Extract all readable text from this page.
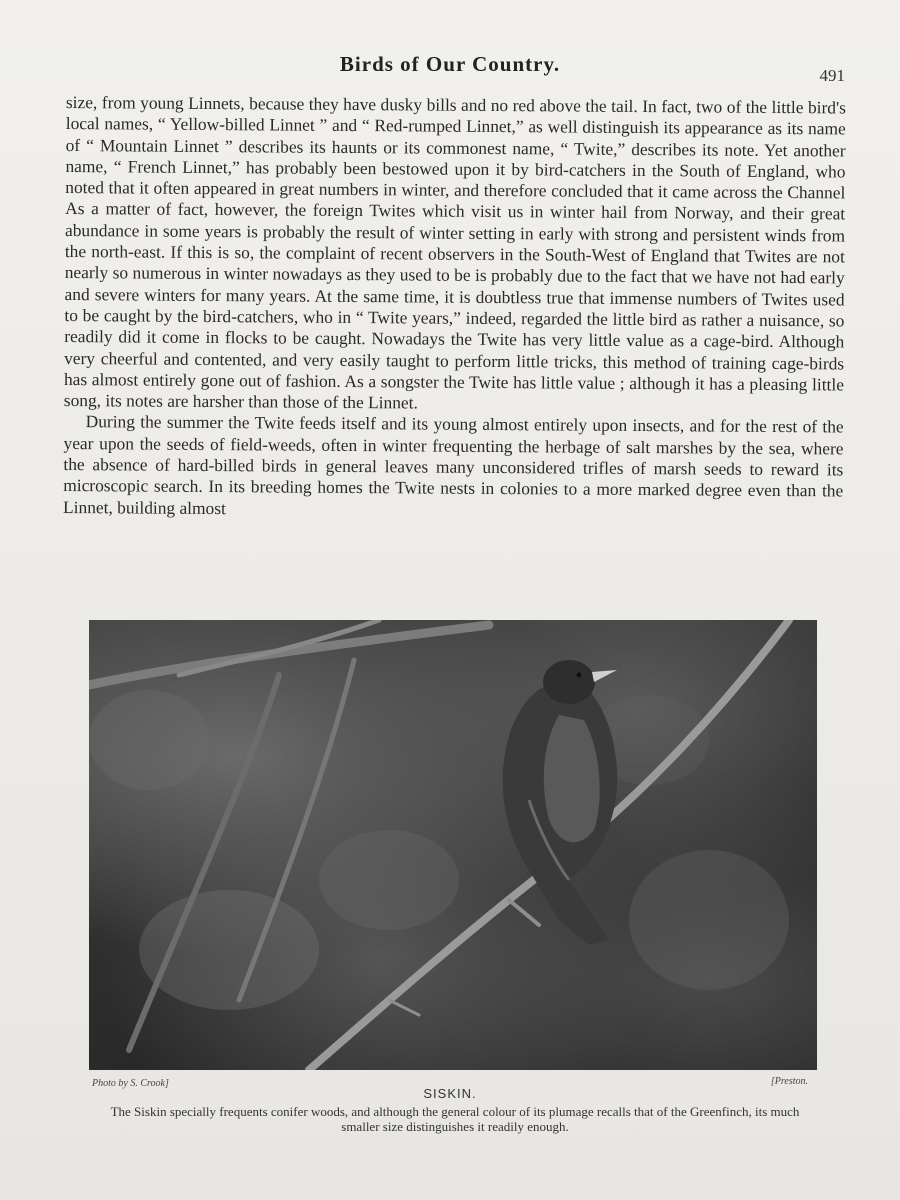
Birds of Our Country.	491

size, from young Linnets, because they have dusky bills and no red above the tail. In fact, two of the little bird's local names, “ Yellow-billed Linnet ” and “ Red-rumped Linnet,” as well distinguish its appearance as its name of “ Mountain Linnet ” describes its haunts or its commonest name, “ Twite,” describes its note. Yet another name, “ French Linnet,” has probably been bestowed upon it by bird-catchers in the South of England, who noted that it often appeared in great numbers in winter, and therefore concluded that it came across the Channel As a matter of fact, however, the foreign Twites which visit us in winter hail from Norway, and their great abundance in some years is probably the result of winter setting in early with strong and persistent winds from the north-east. If this is so, the complaint of recent observers in the South-West of England that Twites are not nearly so numerous in winter nowadays as they used to be is probably due to the fact that we have not had early and severe winters for many years. At the same time, it is doubtless true that immense numbers of Twites used to be caught by the bird-catchers, who in “ Twite years,” indeed, regarded the little bird as rather a nuisance, so readily did it come in flocks to be caught. Nowadays the Twite has very little value as a cage-bird. Although very cheerful and contented, and very easily taught to perform little tricks, this method of training cage-birds has almost entirely gone out of fashion. As a songster the Twite has little value ; although it has a pleasing little song, its notes are harsher than those of the Linnet.

During the summer the Twite feeds itself and its young almost entirely upon insects, and for the rest of the year upon the seeds of field-weeds, often in winter frequenting the herbage of salt marshes by the sea, where the absence of hard-billed birds in general leaves many unconsidered trifles of marsh seeds to reward its microscopic search. In its breeding homes the Twite nests in colonies to a more marked degree even than the Linnet, building almost

Photo by S. Crook]	[Preston.
SISKIN.
The Siskin specially frequents conifer woods, and although the general colour of its plumage recalls that of the Greenfinch, its much smaller size distinguishes it readily enough.
